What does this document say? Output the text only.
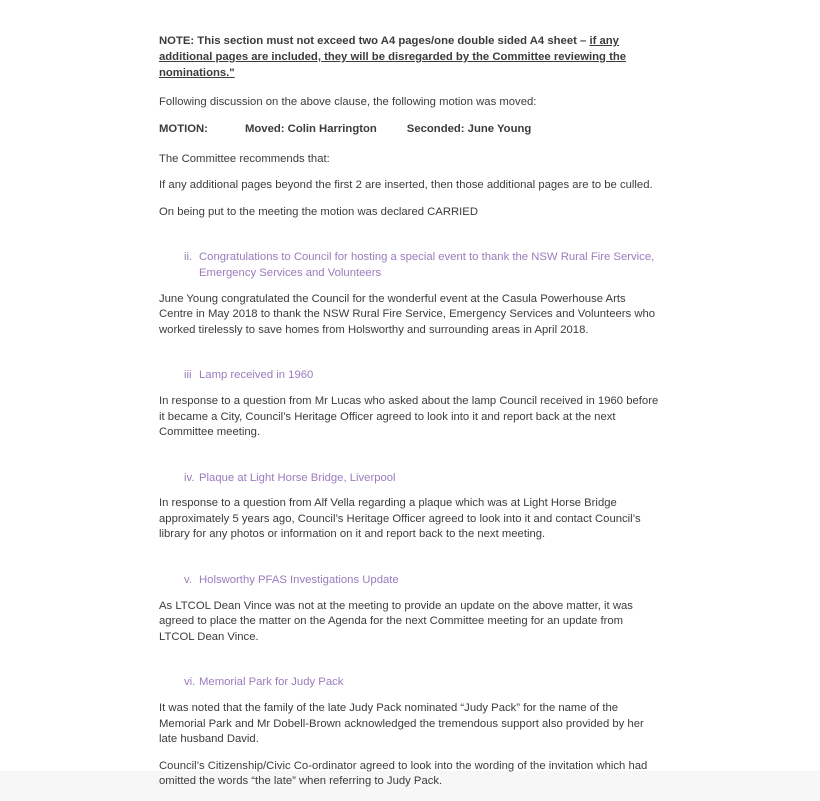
NOTE: This section must not exceed two A4 pages/one double sided A4 sheet – if any additional pages are included, they will be disregarded by the Committee reviewing the nominations."

Following discussion on the above clause, the following motion was moved:

MOTION:	Moved: Colin Harrington	Seconded: June Young

The Committee recommends that:

If any additional pages beyond the first 2 are inserted, then those additional pages are to be culled.

On being put to the meeting the motion was declared CARRIED

ii. Congratulations to Council for hosting a special event to thank the NSW Rural Fire Service, Emergency Services and Volunteers

June Young congratulated the Council for the wonderful event at the Casula Powerhouse Arts Centre in May 2018 to thank the NSW Rural Fire Service, Emergency Services and Volunteers who worked tirelessly to save homes from Holsworthy and surrounding areas in April 2018.

iii Lamp received in 1960

In response to a question from Mr Lucas who asked about the lamp Council received in 1960 before it became a City, Council’s Heritage Officer agreed to look into it and report back at the next Committee meeting.

iv. Plaque at Light Horse Bridge, Liverpool

In response to a question from Alf Vella regarding a plaque which was at Light Horse Bridge approximately 5 years ago, Council’s Heritage Officer agreed to look into it and contact Council’s library for any photos or information on it and report back to the next meeting.

v. Holsworthy PFAS Investigations Update

As LTCOL Dean Vince was not at the meeting to provide an update on the above matter, it was agreed to place the matter on the Agenda for the next Committee meeting for an update from LTCOL Dean Vince.

vi. Memorial Park for Judy Pack

It was noted that the family of the late Judy Pack nominated “Judy Pack” for the name of the Memorial Park and Mr Dobell-Brown acknowledged the tremendous support also provided by her late husband David.

Council’s Citizenship/Civic Co-ordinator agreed to look into the wording of the invitation which had omitted the words “the late” when referring to Judy Pack.
